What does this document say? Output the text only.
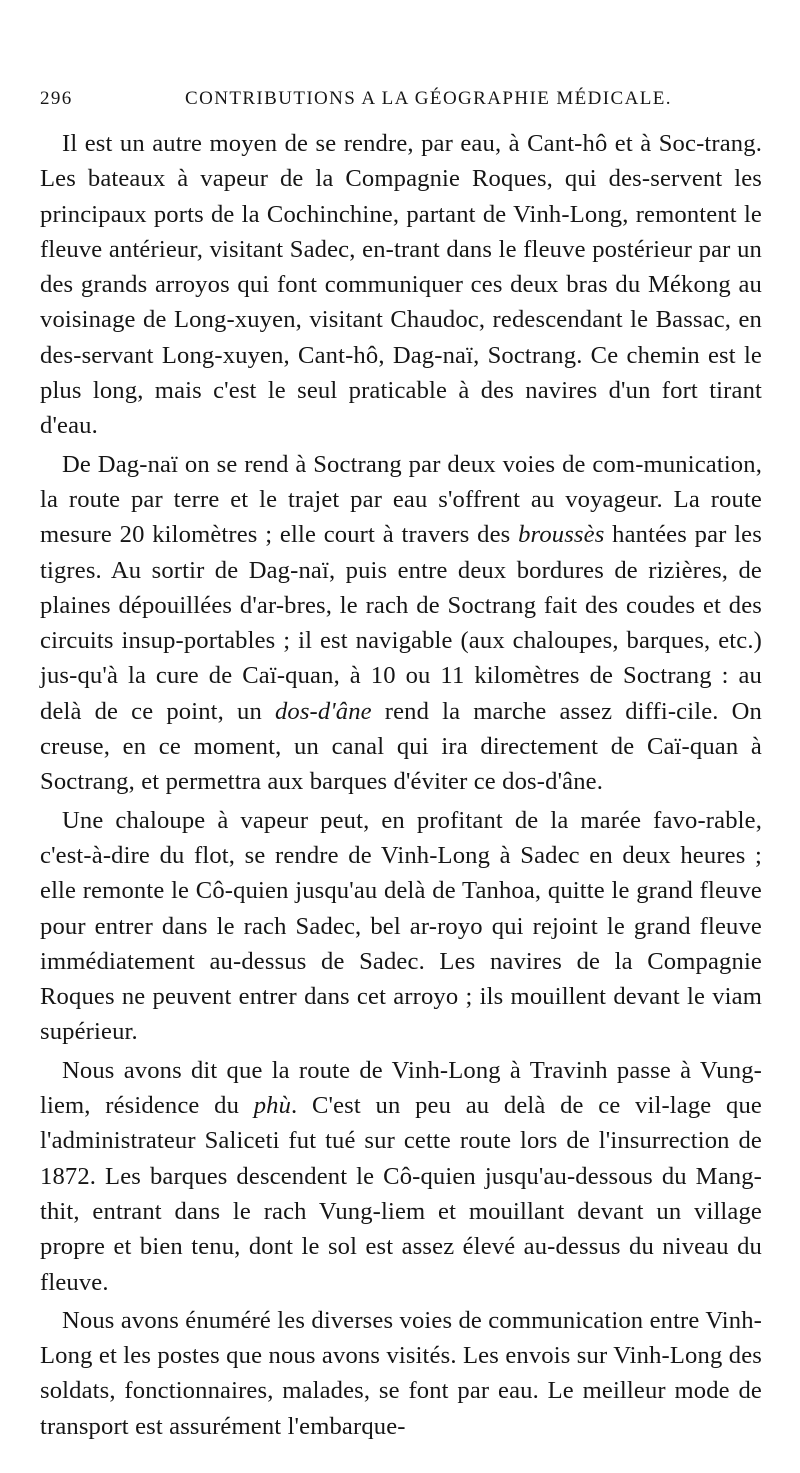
296	CONTRIBUTIONS A LA GÉOGRAPHIE MÉDICALE.

Il est un autre moyen de se rendre, par eau, à Cant-hô et à Soc-trang. Les bateaux à vapeur de la Compagnie Roques, qui des-servent les principaux ports de la Cochinchine, partant de Vinh-Long, remontent le fleuve antérieur, visitant Sadec, en-trant dans le fleuve postérieur par un des grands arroyos qui font communiquer ces deux bras du Mékong au voisinage de Long-xuyen, visitant Chaudoc, redescendant le Bassac, en des-servant Long-xuyen, Cant-hô, Dag-naï, Soctrang. Ce chemin est le plus long, mais c'est le seul praticable à des navires d'un fort tirant d'eau.

De Dag-naï on se rend à Soctrang par deux voies de com-munication, la route par terre et le trajet par eau s'offrent au voyageur. La route mesure 20 kilomètres ; elle court à travers des broussès hantées par les tigres. Au sortir de Dag-naï, puis entre deux bordures de rizières, de plaines dépouillées d'ar-bres, le rach de Soctrang fait des coudes et des circuits insup-portables ; il est navigable (aux chaloupes, barques, etc.) jus-qu'à la cure de Caï-quan, à 10 ou 11 kilomètres de Soctrang : au delà de ce point, un dos-d'âne rend la marche assez diffi-cile. On creuse, en ce moment, un canal qui ira directement de Caï-quan à Soctrang, et permettra aux barques d'éviter ce dos-d'âne.

Une chaloupe à vapeur peut, en profitant de la marée favo-rable, c'est-à-dire du flot, se rendre de Vinh-Long à Sadec en deux heures ; elle remonte le Cô-quien jusqu'au delà de Tanhoa, quitte le grand fleuve pour entrer dans le rach Sadec, bel ar-royo qui rejoint le grand fleuve immédiatement au-dessus de Sadec. Les navires de la Compagnie Roques ne peuvent entrer dans cet arroyo ; ils mouillent devant le viam supérieur.

Nous avons dit que la route de Vinh-Long à Travinh passe à Vung-liem, résidence du phù. C'est un peu au delà de ce vil-lage que l'administrateur Saliceti fut tué sur cette route lors de l'insurrection de 1872. Les barques descendent le Cô-quien jusqu'au-dessous du Mang-thit, entrant dans le rach Vung-liem et mouillant devant un village propre et bien tenu, dont le sol est assez élevé au-dessus du niveau du fleuve.

Nous avons énuméré les diverses voies de communication entre Vinh-Long et les postes que nous avons visités. Les envois sur Vinh-Long des soldats, fonctionnaires, malades, se font par eau. Le meilleur mode de transport est assurément l'embarque-
